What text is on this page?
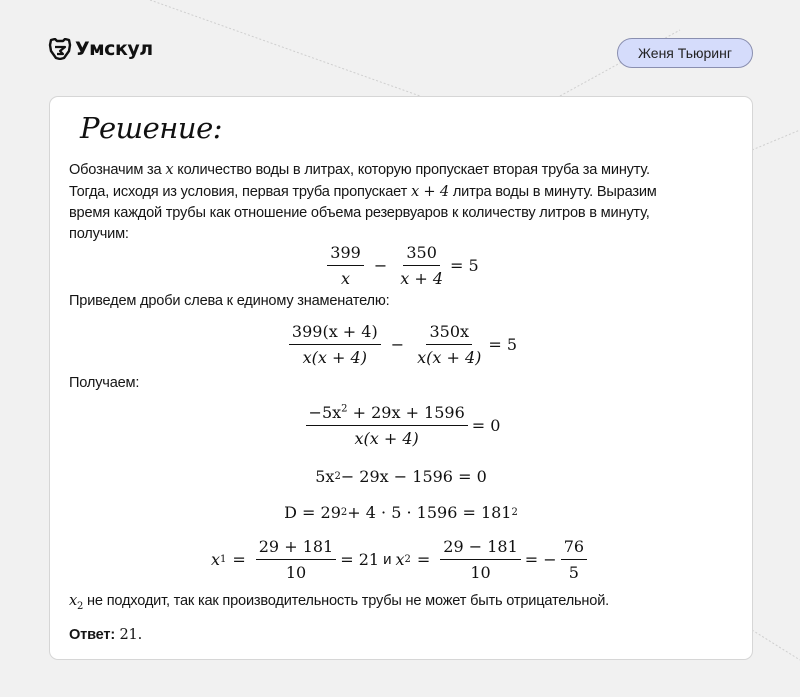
Умскул	Женя Тьюринг
Решение:
Обозначим за x количество воды в литрах, которую пропускает вторая труба за минуту.
Тогда, исходя из условия, первая труба пропускает x + 4 литра воды в минуту. Выразим
время каждой трубы как отношение объема резервуаров к количеству литров в минуту,
получим:
$\frac{399}{x} - \frac{350}{x + 4} = 5$
Приведем дроби слева к единому знаменателю:
$\frac{399(x + 4)}{x(x + 4)} - \frac{350x}{x(x + 4)} = 5$
Получаем:
$\frac{-5x^2 + 29x + 1596}{x(x + 4)} = 0$
5x 2 − 29x − 1596 = 0
D = 29 2 + 4 · 5 · 1596 = 181 2
x $1 = \frac{29 + 181}{10} = 21$ и x $2 = \frac{29 - 181}{10}$ = − $\frac{76}{5}$
$x_2$ не подходит, так как производительность трубы не может быть отрицательной.
Ответ: 21.
